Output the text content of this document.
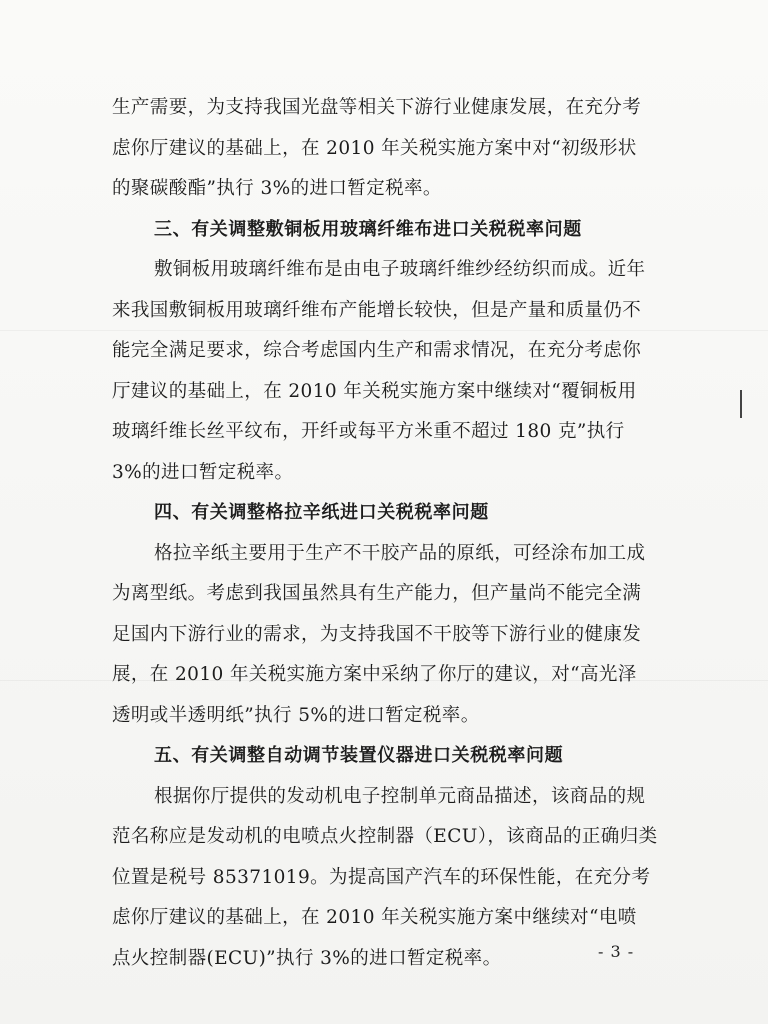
生产需要，为支持我国光盘等相关下游行业健康发展，在充分考
虑你厅建议的基础上，在 2010 年关税实施方案中对“初级形状
的聚碳酸酯”执行 3%的进口暂定税率。
三、有关调整敷铜板用玻璃纤维布进口关税税率问题
敷铜板用玻璃纤维布是由电子玻璃纤维纱经纺织而成。近年
来我国敷铜板用玻璃纤维布产能增长较快，但是产量和质量仍不
能完全满足要求，综合考虑国内生产和需求情况，在充分考虑你
厅建议的基础上，在 2010 年关税实施方案中继续对“覆铜板用
玻璃纤维长丝平纹布，开纤或每平方米重不超过 180 克”执行
3%的进口暂定税率。
四、有关调整格拉辛纸进口关税税率问题
格拉辛纸主要用于生产不干胶产品的原纸，可经涂布加工成
为离型纸。考虑到我国虽然具有生产能力，但产量尚不能完全满
足国内下游行业的需求，为支持我国不干胶等下游行业的健康发
展，在 2010 年关税实施方案中采纳了你厅的建议，对“高光泽
透明或半透明纸”执行 5%的进口暂定税率。
五、有关调整自动调节装置仪器进口关税税率问题
根据你厅提供的发动机电子控制单元商品描述，该商品的规
范名称应是发动机的电喷点火控制器（ECU），该商品的正确归类
位置是税号 85371019。为提高国产汽车的环保性能，在充分考
虑你厅建议的基础上，在 2010 年关税实施方案中继续对“电喷
点火控制器(ECU)”执行 3%的进口暂定税率。	- 3 -
